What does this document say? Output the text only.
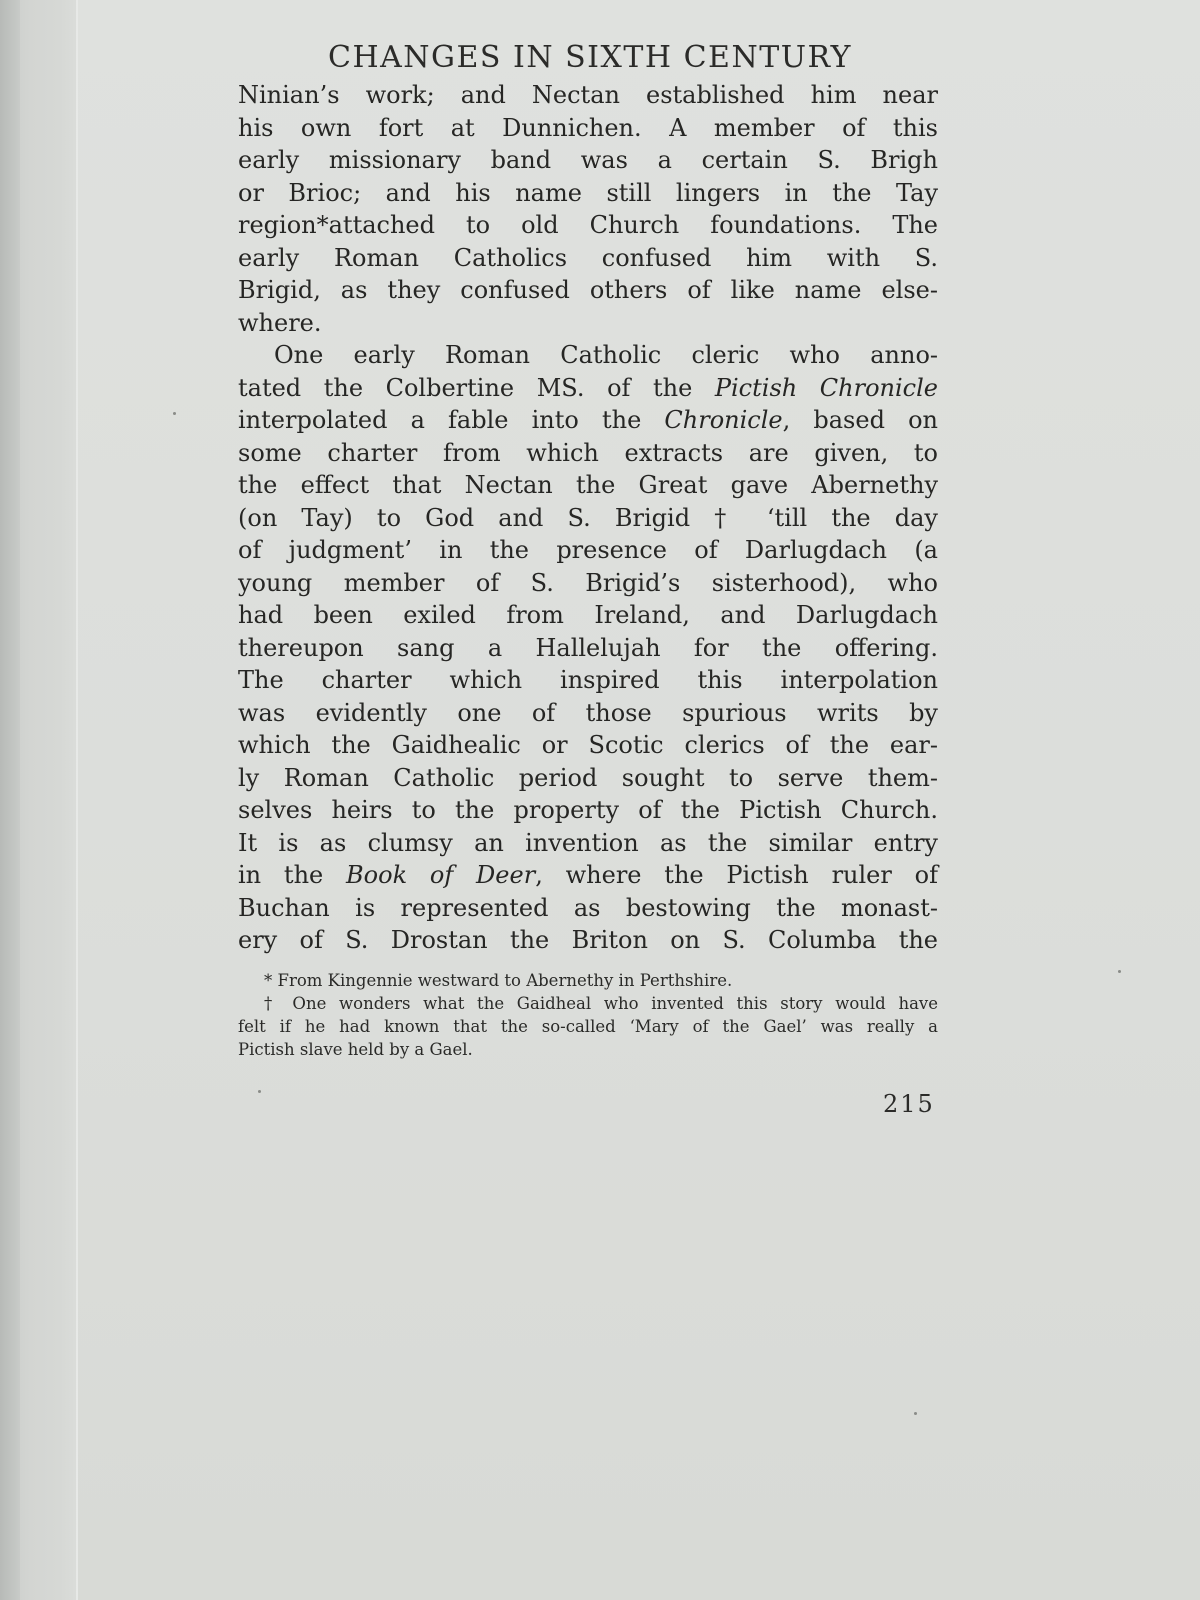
CHANGES IN SIXTH CENTURY
Ninian’s work; and Nectan established him near
his own fort at Dunnichen. A member of this
early missionary band was a certain S. Brigh
or Brioc; and his name still lingers in the Tay
region*attached to old Church foundations. The
early Roman Catholics confused him with S.
Brigid, as they confused others of like name else-
where.
One early Roman Catholic cleric who anno-
tated the Colbertine MS. of the Pictish Chronicle
interpolated a fable into the Chronicle, based on
some charter from which extracts are given, to
the effect that Nectan the Great gave Abernethy
(on Tay) to God and S. Brigid † ‘till the day
of judgment’ in the presence of Darlugdach (a
young member of S. Brigid’s sisterhood), who
had been exiled from Ireland, and Darlugdach
thereupon sang a Hallelujah for the offering.
The charter which inspired this interpolation
was evidently one of those spurious writs by
which the Gaidhealic or Scotic clerics of the ear-
ly Roman Catholic period sought to serve them-
selves heirs to the property of the Pictish Church.
It is as clumsy an invention as the similar entry
in the Book of Deer, where the Pictish ruler of
Buchan is represented as bestowing the monast-
ery of S. Drostan the Briton on S. Columba the
* From Kingennie westward to Abernethy in Perthshire.
† One wonders what the Gaidheal who invented this story would have
felt if he had known that the so-called ‘Mary of the Gael’ was really a
Pictish slave held by a Gael.
215
